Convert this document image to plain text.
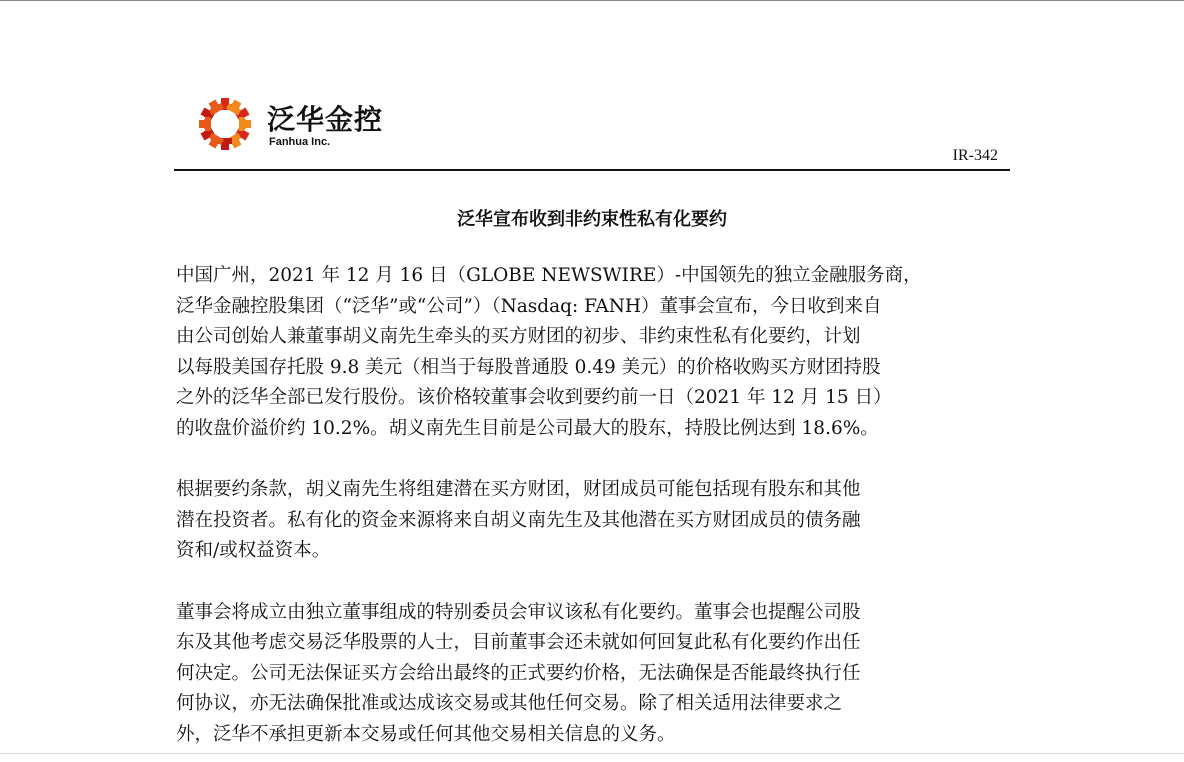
泛华金控
Fanhua Inc.
IR-342
泛华宣布收到非约束性私有化要约

中国广州，2021 年 12 月 16 日（GLOBE NEWSWIRE）-中国领先的独立金融服务商，
泛华金融控股集团（“泛华”或“公司”）（Nasdaq: FANH）董事会宣布，今日收到来自
由公司创始人兼董事胡义南先生牵头的买方财团的初步、非约束性私有化要约，计划
以每股美国存托股 9.8 美元（相当于每股普通股 0.49 美元）的价格收购买方财团持股
之外的泛华全部已发行股份。该价格较董事会收到要约前一日（2021 年 12 月 15 日）
的收盘价溢价约 10.2%。胡义南先生目前是公司最大的股东，持股比例达到 18.6%。

根据要约条款，胡义南先生将组建潜在买方财团，财团成员可能包括现有股东和其他
潜在投资者。私有化的资金来源将来自胡义南先生及其他潜在买方财团成员的债务融
资和/或权益资本。

董事会将成立由独立董事组成的特别委员会审议该私有化要约。董事会也提醒公司股
东及其他考虑交易泛华股票的人士，目前董事会还未就如何回复此私有化要约作出任
何决定。公司无法保证买方会给出最终的正式要约价格，无法确保是否能最终执行任
何协议，亦无法确保批准或达成该交易或其他任何交易。除了相关适用法律要求之
外，泛华不承担更新本交易或任何其他交易相关信息的义务。
